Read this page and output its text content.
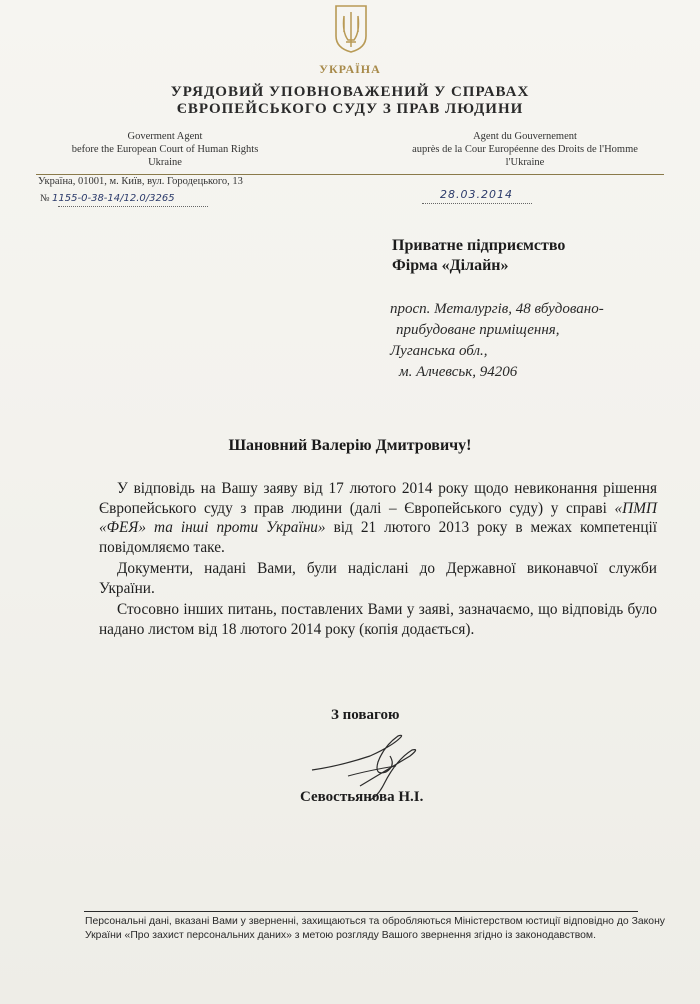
УКРАЇНА
УРЯДОВИЙ УПОВНОВАЖЕНИЙ У СПРАВАХ
ЄВРОПЕЙСЬКОГО СУДУ З ПРАВ ЛЮДИНИ
Goverment Agent
before the European Court of Human Rights
Ukraine
Agent du Gouvernement
auprès de la Cour Européenne des Droits de l'Homme
l'Ukraine
Україна, 01001, м. Київ, вул. Городецького, 13
№ 1155-0-38-14/12.0/3265	28.03.2014
Приватне підприємство
Фірма «Ділайн»
просп. Металургів, 48 вбудовано-
прибудоване приміщення,
Луганська обл.,
м. Алчевськ, 94206
Шановний Валерію Дмитровичу!

У відповідь на Вашу заяву від 17 лютого 2014 року щодо невиконання рішення Європейського суду з прав людини (далі – Європейського суду) у справі «ПМП «ФЕЯ» та інші проти України» від 21 лютого 2013 року в межах компетенції повідомляємо таке.

Документи, надані Вами, були надіслані до Державної виконавчої служби України.

Стосовно інших питань, поставлених Вами у заяві, зазначаємо, що відповідь було надано листом від 18 лютого 2014 року (копія додається).

З повагою
Севостьянова Н.І.
Персональні дані, вказані Вами у зверненні, захищаються та обробляються Міністерством юстиції відповідно до Закону України «Про захист персональних даних» з метою розгляду Вашого звернення згідно із законодавством.
